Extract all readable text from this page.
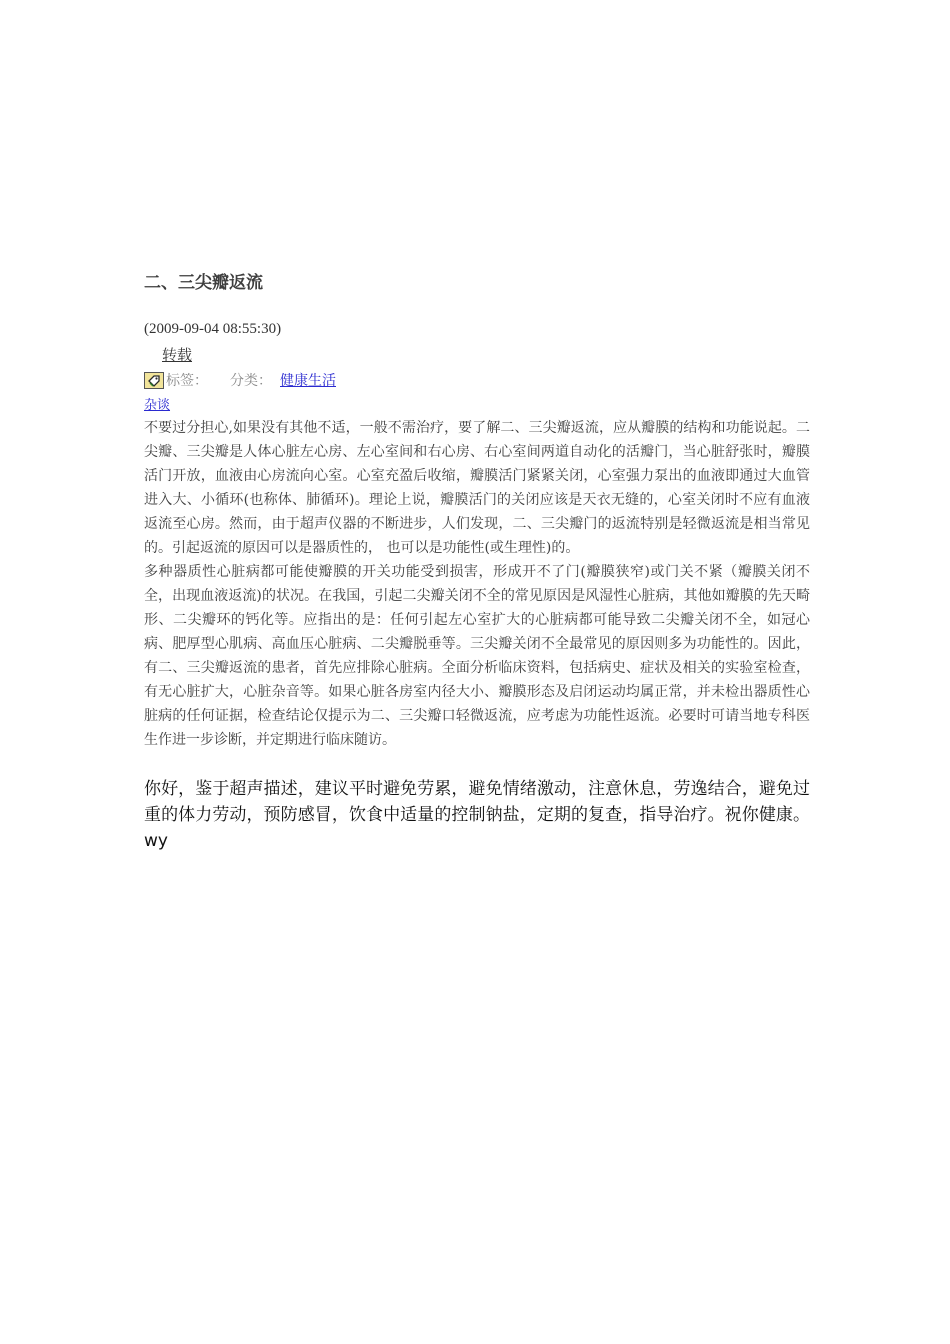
二、三尖瓣返流
(2009-09-04 08:55:30)
转载
标签： 分类： 健康生活
杂谈

不要过分担心,如果没有其他不适，一般不需治疗，要了解二、三尖瓣返流，应从瓣膜的结构和功能说起。二尖瓣、三尖瓣是人体心脏左心房、左心室间和右心房、右心室间两道自动化的活瓣门，当心脏舒张时，瓣膜活门开放，血液由心房流向心室。心室充盈后收缩，瓣膜活门紧紧关闭，心室强力泵出的血液即通过大血管进入大、小循环(也称体、肺循环)。理论上说，瓣膜活门的关闭应该是天衣无缝的，心室关闭时不应有血液返流至心房。然而，由于超声仪器的不断进步，人们发现，二、三尖瓣门的返流特别是轻微返流是相当常见的。引起返流的原因可以是器质性的， 也可以是功能性(或生理性)的。

多种器质性心脏病都可能使瓣膜的开关功能受到损害，形成开不了门(瓣膜狭窄)或门关不紧（瓣膜关闭不全，出现血液返流)的状况。在我国，引起二尖瓣关闭不全的常见原因是风湿性心脏病，其他如瓣膜的先天畸形、二尖瓣环的钙化等。应指出的是：任何引起左心室扩大的心脏病都可能导致二尖瓣关闭不全，如冠心病、肥厚型心肌病、高血压心脏病、二尖瓣脱垂等。三尖瓣关闭不全最常见的原因则多为功能性的。因此，有二、三尖瓣返流的患者，首先应排除心脏病。全面分析临床资料，包括病史、症状及相关的实验室检查，有无心脏扩大，心脏杂音等。如果心脏各房室内径大小、瓣膜形态及启闭运动均属正常，并未检出器质性心脏病的任何证据，检查结论仅提示为二、三尖瓣口轻微返流，应考虑为功能性返流。必要时可请当地专科医生作进一步诊断，并定期进行临床随访。

你好，鉴于超声描述，建议平时避免劳累，避免情绪激动，注意休息，劳逸结合，避免过重的体力劳动，预防感冒，饮食中适量的控制钠盐，定期的复查，指导治疗。祝你健康。wy
